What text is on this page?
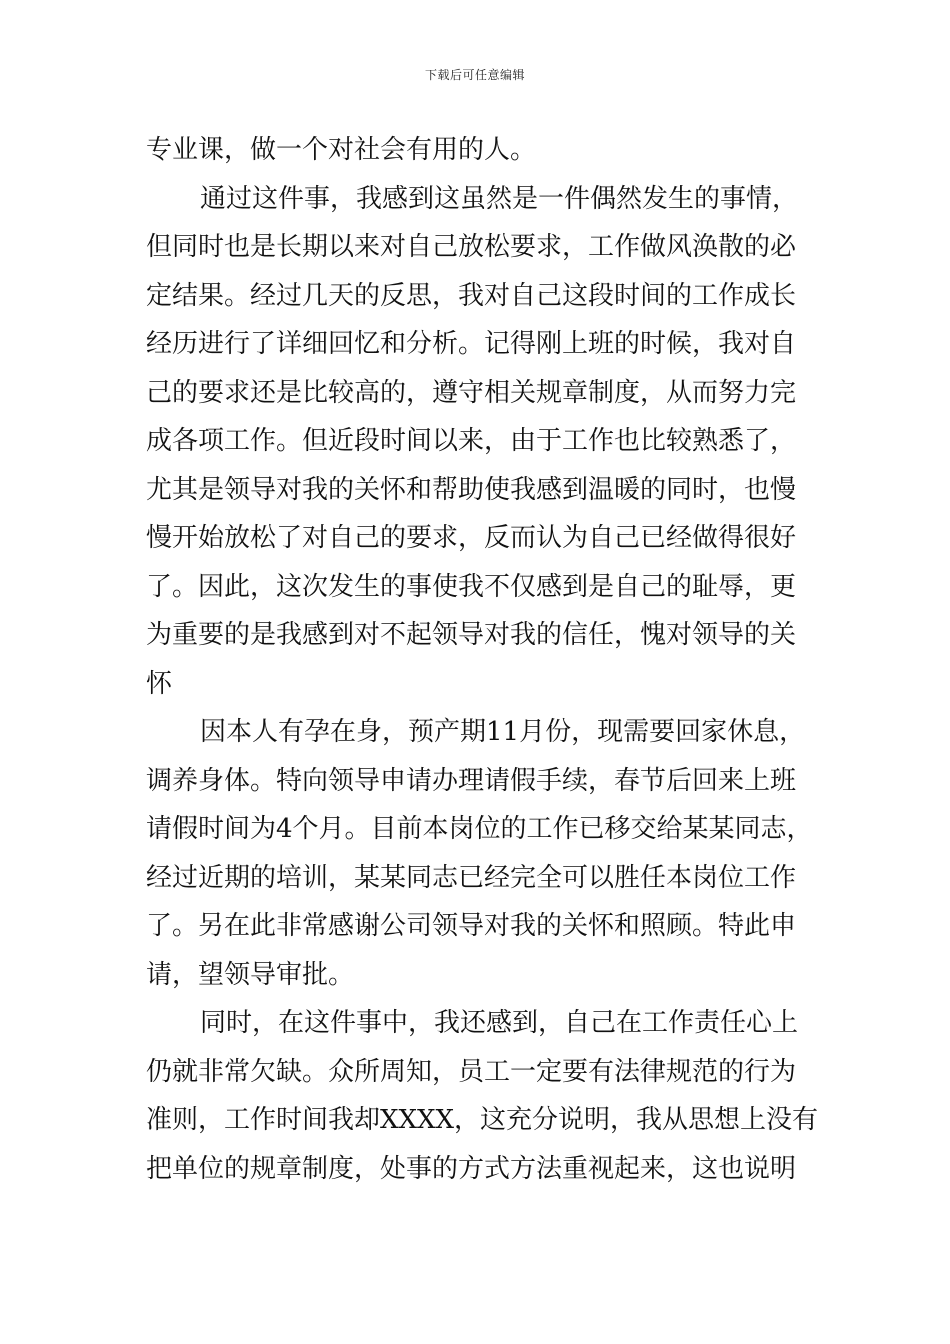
下载后可任意编辑
专业课，做一个对社会有用的人。
通过这件事，我感到这虽然是一件偶然发生的事情，
但同时也是长期以来对自己放松要求，工作做风涣散的必
定结果。经过几天的反思，我对自己这段时间的工作成长
经历进行了详细回忆和分析。记得刚上班的时候，我对自
己的要求还是比较高的，遵守相关规章制度，从而努力完
成各项工作。但近段时间以来，由于工作也比较熟悉了，
尤其是领导对我的关怀和帮助使我感到温暖的同时，也慢
慢开始放松了对自己的要求，反而认为自己已经做得很好
了。因此，这次发生的事使我不仅感到是自己的耻辱，更
为重要的是我感到对不起领导对我的信任，愧对领导的关
怀
因本人有孕在身，预产期11月份，现需要回家休息，
调养身体。特向领导申请办理请假手续，春节后回来上班
请假时间为4个月。目前本岗位的工作已移交给某某同志，
经过近期的培训，某某同志已经完全可以胜任本岗位工作
了。另在此非常感谢公司领导对我的关怀和照顾。特此申
请，望领导审批。
同时，在这件事中，我还感到，自己在工作责任心上
仍就非常欠缺。众所周知，员工一定要有法律规范的行为
准则，工作时间我却XXXX，这充分说明，我从思想上没有
把单位的规章制度，处事的方式方法重视起来，这也说明
